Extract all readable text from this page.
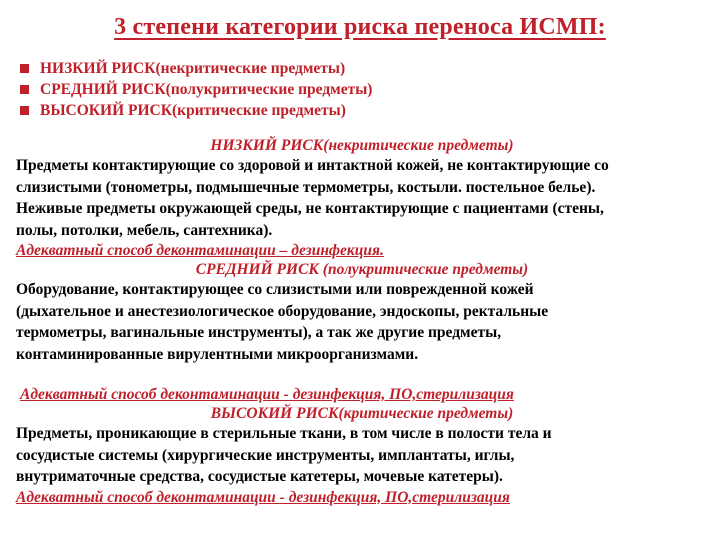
3 степени категории риска переноса ИСМП:
НИЗКИЙ РИСК (некритические предметы)
СРЕДНИЙ РИСК (полукритические предметы)
ВЫСОКИЙ РИСК (критические предметы)
НИЗКИЙ РИСК(некритические предметы)
Предметы контактирующие со здоровой и интактной кожей, не контактирующие со
слизистыми (тонометры, подмышечные термометры, костыли. постельное белье).
Неживые предметы окружающей среды, не контактирующие с пациентами (стены,
полы, потолки, мебель, сантехника).
Адекватный способ деконтаминации – дезинфекция.
СРЕДНИЙ РИСК (полукритические предметы)
Оборудование, контактирующее со слизистыми или поврежденной кожей
(дыхательное и анестезиологическое оборудование, эндоскопы, ректальные
термометры, вагинальные инструменты), а так же другие предметы,
контаминированные вирулентными микроорганизмами.
Адекватный способ деконтаминации - дезинфекция, ПО,стерилизация
ВЫСОКИЙ РИСК(критические предметы)
Предметы, проникающие в стерильные ткани, в том числе в полости тела и
сосудистые системы (хирургические инструменты, имплантаты, иглы,
внутриматочные средства, сосудистые катетеры, мочевые катетеры).
Адекватный способ деконтаминации - дезинфекция, ПО,стерилизация
